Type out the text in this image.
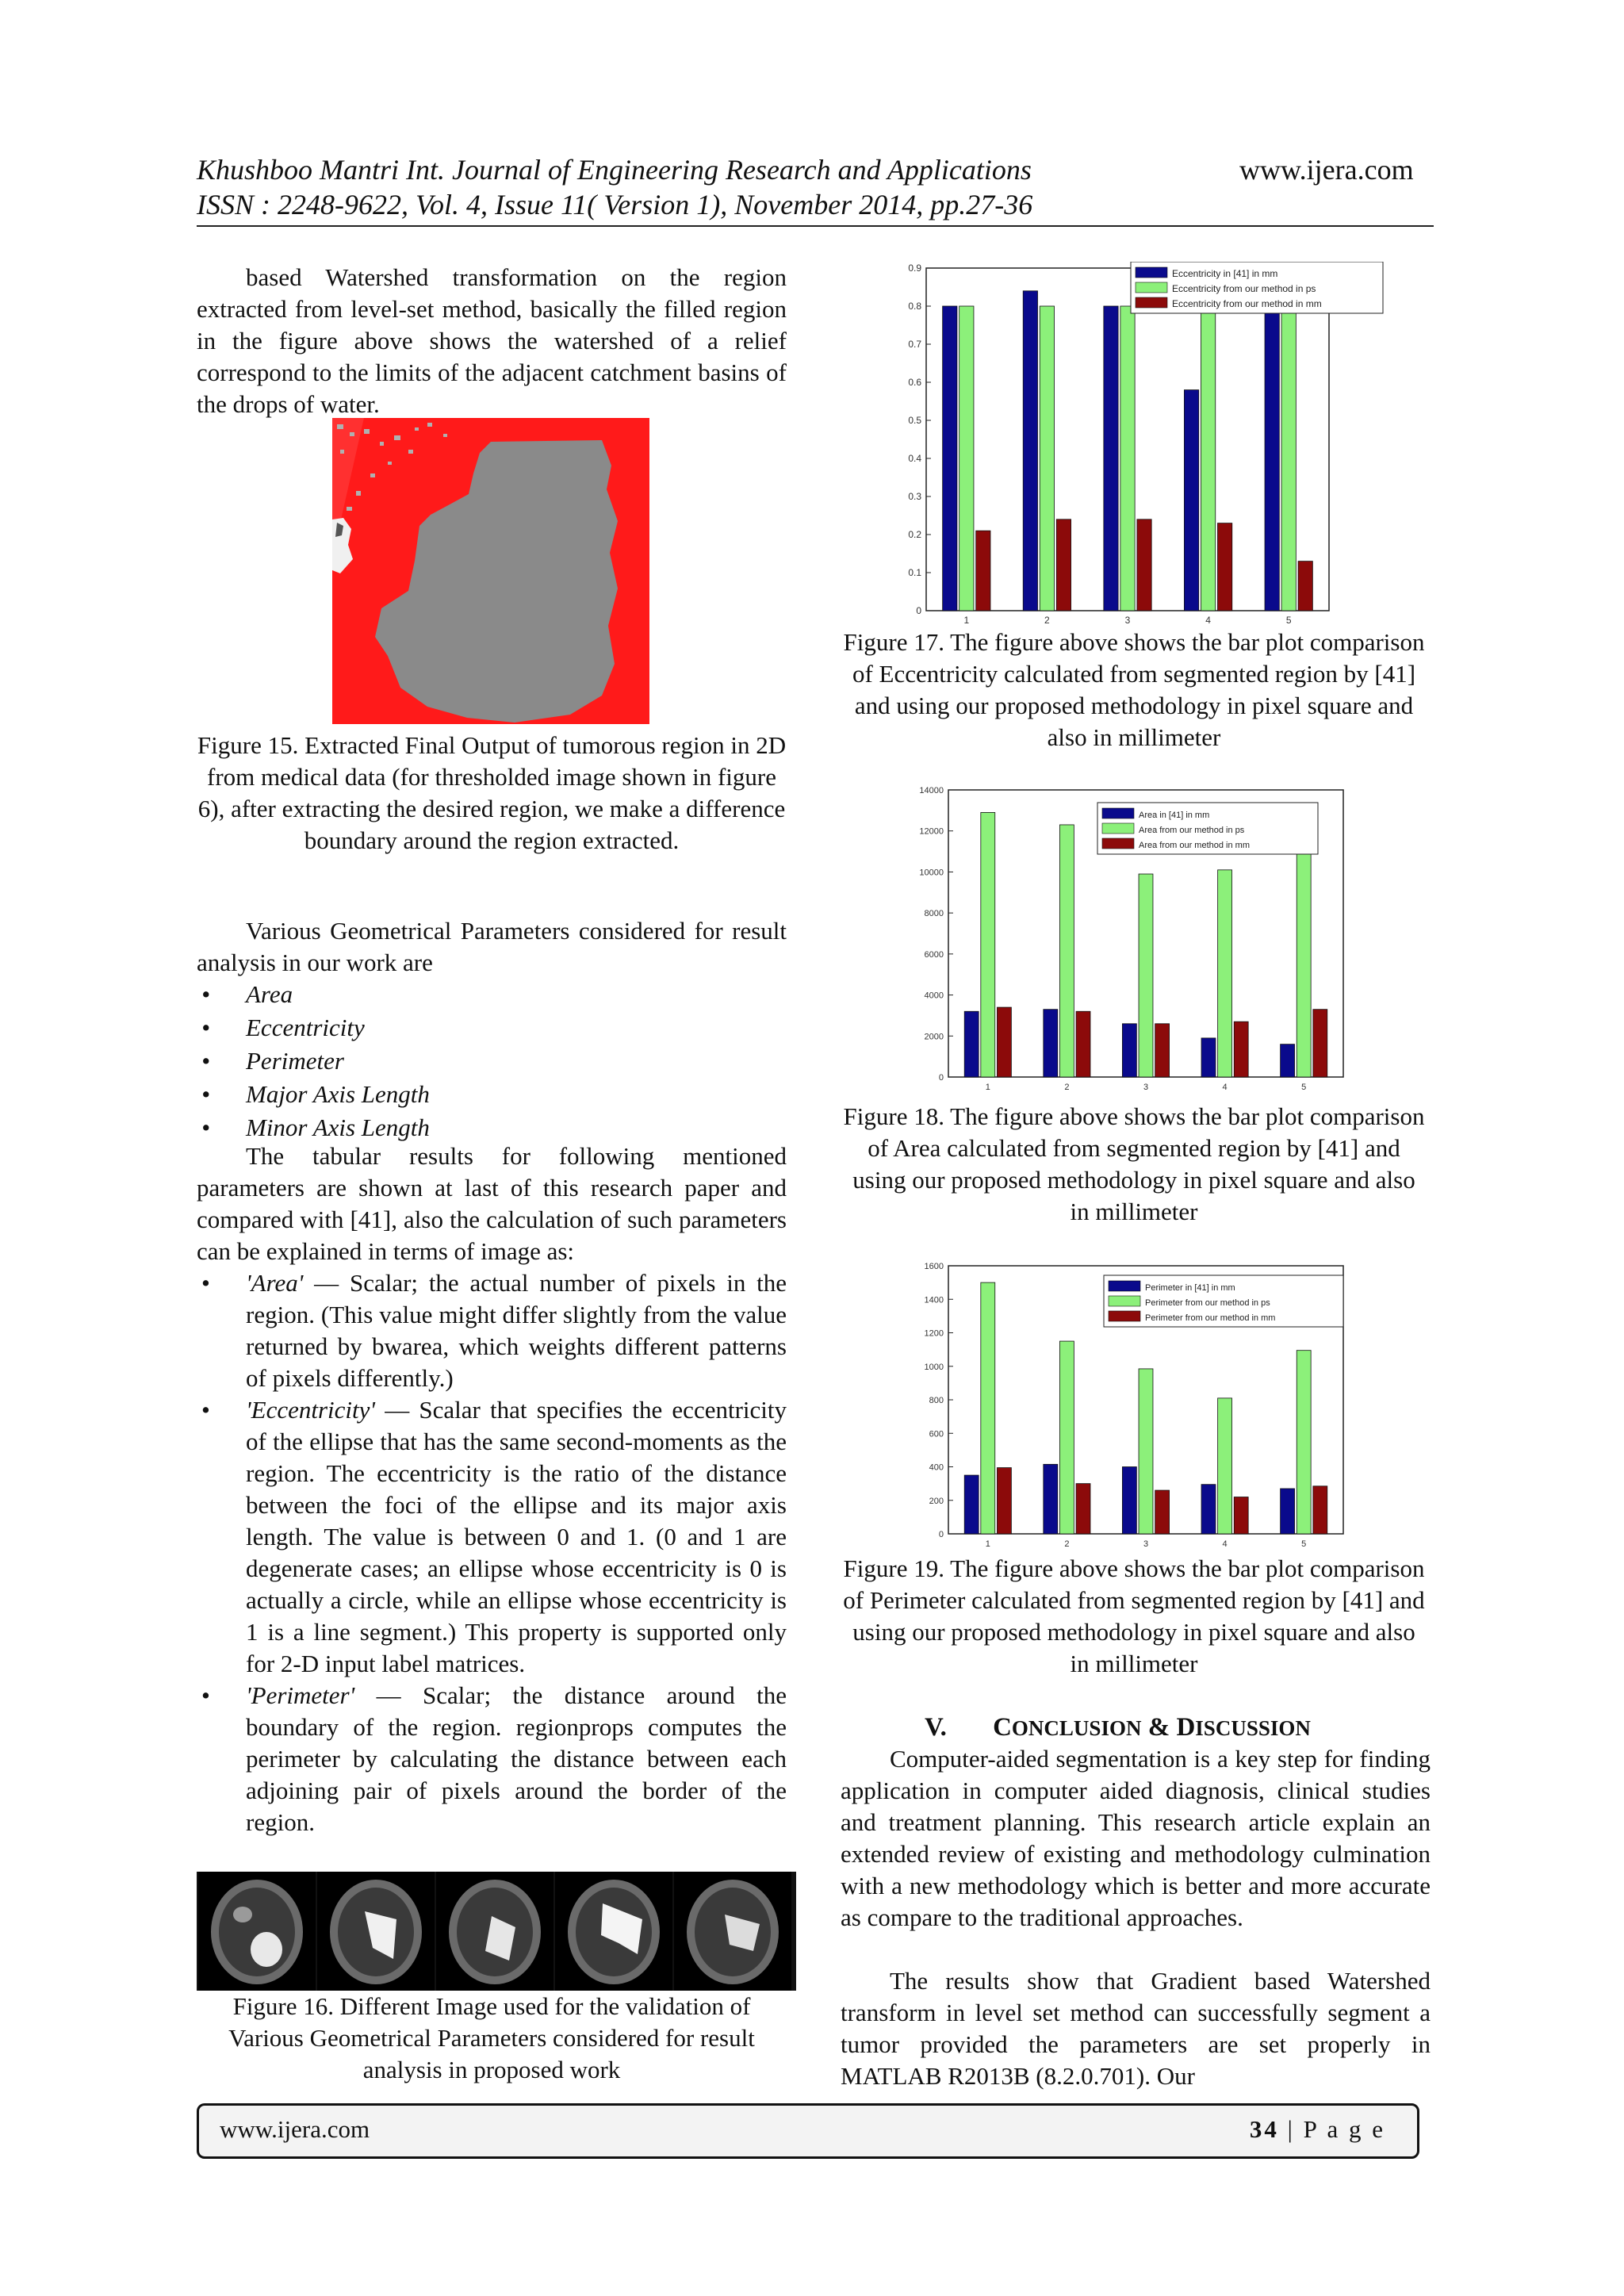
Khushboo Mantri Int. Journal of Engineering Research and Applications	www.ijera.com
ISSN : 2248-9622, Vol. 4, Issue 11( Version 1), November 2014, pp.27-36
based Watershed transformation on the region extracted from level-set method, basically the filled region in the figure above shows the watershed of a relief correspond to the limits of the adjacent catchment basins of the drops of water.
Figure 15. Extracted Final Output of tumorous region in 2D from medical data (for thresholded image shown in figure 6), after extracting the desired region, we make a difference boundary around the region extracted.
Various Geometrical Parameters considered for result analysis in our work are
• Area
• Eccentricity
• Perimeter
• Major Axis Length
• Minor Axis Length
The tabular results for following mentioned parameters are shown at last of this research paper and compared with [41], also the calculation of such parameters can be explained in terms of image as:
• 'Area' — Scalar; the actual number of pixels in the region. (This value might differ slightly from the value returned by bwarea, which weights different patterns of pixels differently.)
• 'Eccentricity' — Scalar that specifies the eccentricity of the ellipse that has the same second-moments as the region. The eccentricity is the ratio of the distance between the foci of the ellipse and its major axis length. The value is between 0 and 1. (0 and 1 are degenerate cases; an ellipse whose eccentricity is 0 is actually a circle, while an ellipse whose eccentricity is 1 is a line segment.) This property is supported only for 2-D input label matrices.
• 'Perimeter' — Scalar; the distance around the boundary of the region. regionprops computes the perimeter by calculating the distance between each adjoining pair of pixels around the border of the region.
Figure 16. Different Image used for the validation of Various Geometrical Parameters considered for result analysis in proposed work
0
0.1
0.2
0.3
0.4
0.5
0.6
0.7
0.8
0.9
1	2	3	4	5
Eccentricity in [41] in mm
Eccentricity from our method in ps
Eccentricity from our method in mm
Figure 17. The figure above shows the bar plot comparison of Eccentricity calculated from segmented region by [41] and using our proposed methodology in pixel square and also in millimeter
0
2000
4000
6000
8000
10000
12000
14000
1	2	3	4	5
Area in [41] in mm
Area from our method in ps
Area from our method in mm
Figure 18. The figure above shows the bar plot comparison of Area calculated from segmented region by [41] and using our proposed methodology in pixel square and also in millimeter
0
200
400
600
800
1000
1200
1400
1600
1	2	3	4	5
Perimeter in [41] in mm
Perimeter from our method in ps
Perimeter from our method in mm
Figure 19. The figure above shows the bar plot comparison of Perimeter calculated from segmented region by [41] and using our proposed methodology in pixel square and also in millimeter
V. CONCLUSION & DISCUSSION
Computer-aided segmentation is a key step for finding application in computer aided diagnosis, clinical studies and treatment planning. This research article explain an extended review of existing and methodology culmination with a new methodology which is better and more accurate as compare to the traditional approaches.
The results show that Gradient based Watershed transform in level set method can successfully segment a tumor provided the parameters are set properly in MATLAB R2013B (8.2.0.701). Our
www.ijera.com	34 | P a g e
